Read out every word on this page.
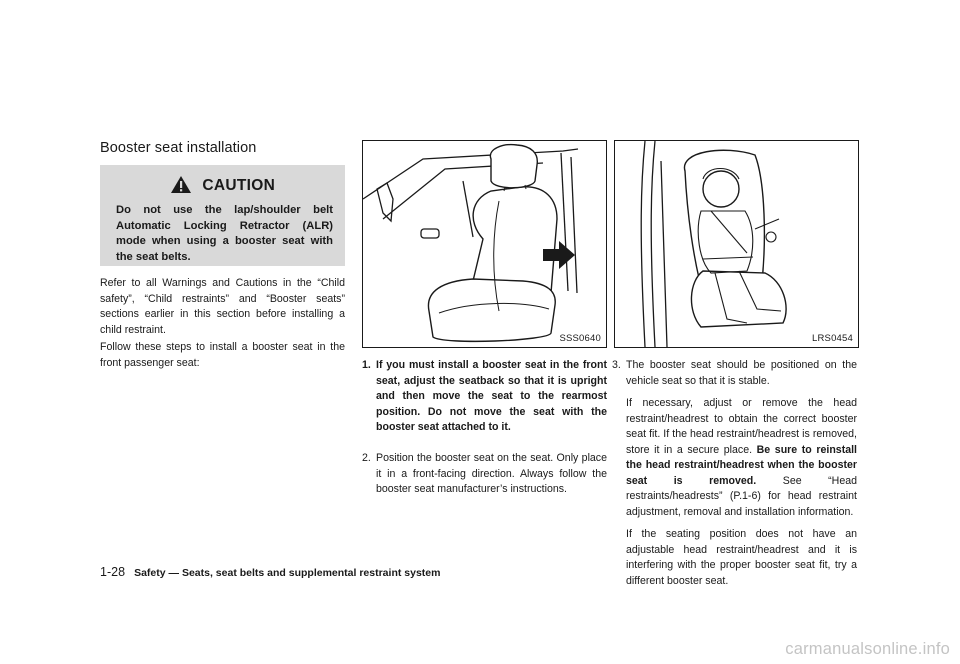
Booster seat installation
CAUTION
Do not use the lap/shoulder belt Automatic Locking Retractor (ALR) mode when using a booster seat with the seat belts.
Refer to all Warnings and Cautions in the “Child safety”, “Child restraints” and “Booster seats” sections earlier in this section before installing a child restraint.
Follow these steps to install a booster seat in the front passenger seat:
SSS0640
1. If you must install a booster seat in the front seat, adjust the seatback so that it is upright and then move the seat to the rearmost position. Do not move the seat with the booster seat attached to it.
2. Position the booster seat on the seat. Only place it in a front-facing direction. Always follow the booster seat manufacturer’s instructions.
LRS0454
3. The booster seat should be positioned on the vehicle seat so that it is stable.
If necessary, adjust or remove the head restraint/headrest to obtain the correct booster seat fit. If the head restraint/headrest is removed, store it in a secure place. Be sure to reinstall the head restraint/headrest when the booster seat is removed.	See “Head restraints/headrests” (P.1-6) for head restraint adjustment, removal and installation information.
If the seating position does not have an adjustable head restraint/headrest and it is interfering with the proper booster seat fit, try a different booster seat.
1-28 Safety — Seats, seat belts and supplemental restraint system
carmanualsonline.info
